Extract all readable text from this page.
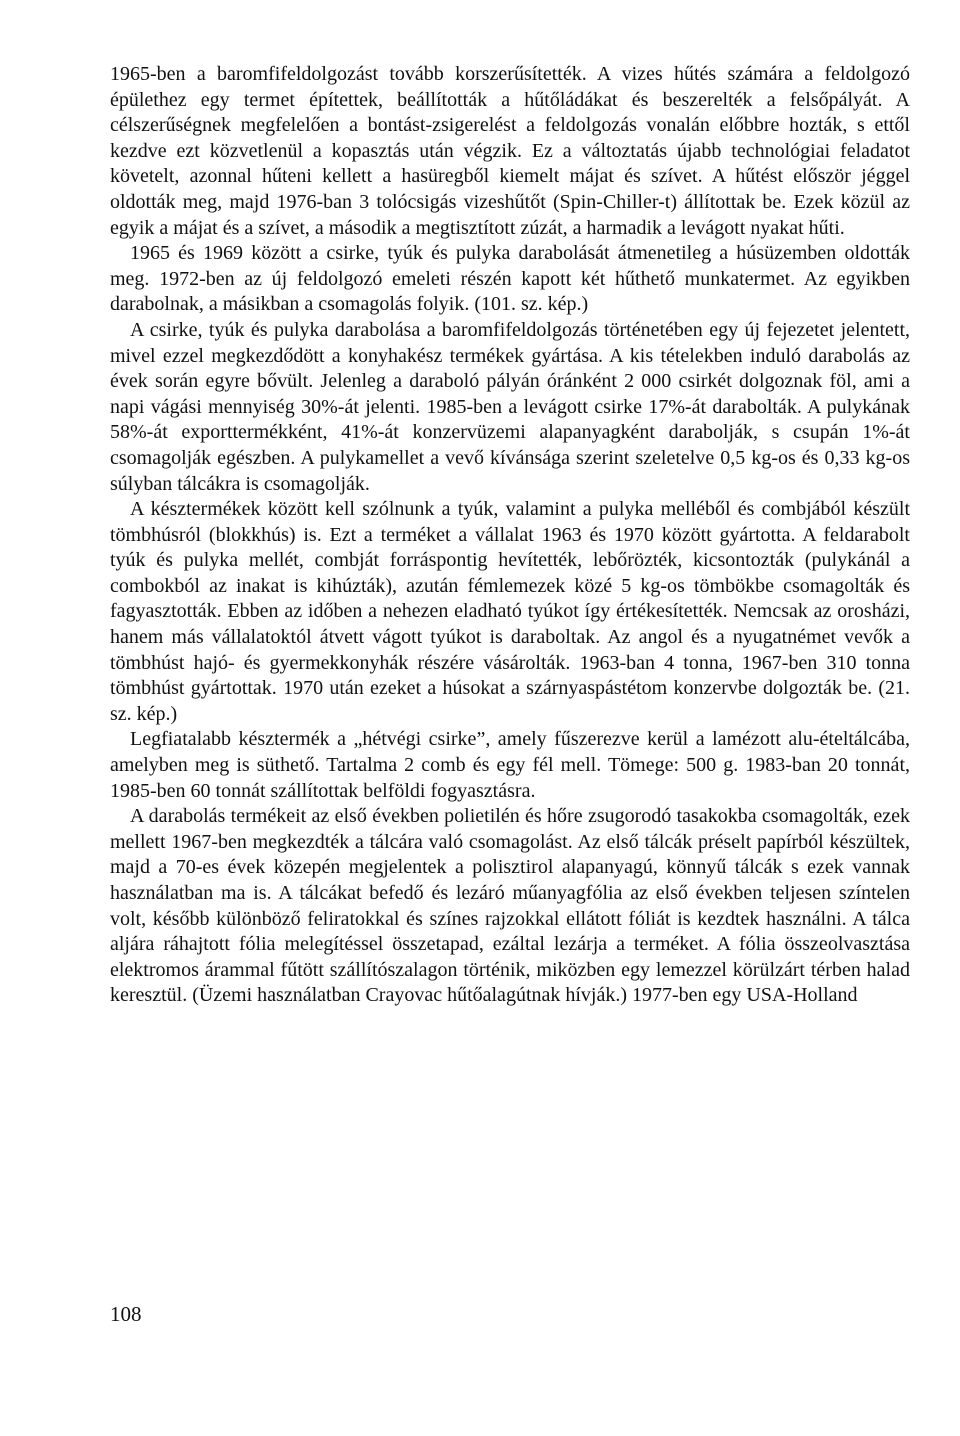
1965-ben a baromfifeldolgozást tovább korszerűsítették. A vizes hűtés számára a feldolgozó épülethez egy termet építettek, beállították a hűtőládákat és beszerelték a felsőpályát. A célszerűségnek megfelelően a bontást-zsigerelést a feldolgozás vonalán előbbre hozták, s ettől kezdve ezt közvetlenül a kopasztás után végzik. Ez a változtatás újabb technológiai feladatot követelt, azonnal hűteni kellett a hasüregből kiemelt májat és szívet. A hűtést először jéggel oldották meg, majd 1976-ban 3 tolócsigás vizeshűtőt (Spin-Chiller-t) állítottak be. Ezek közül az egyik a májat és a szívet, a második a megtisztított zúzát, a harmadik a levágott nyakat hűti.

1965 és 1969 között a csirke, tyúk és pulyka darabolását átmenetileg a húsüzemben oldották meg. 1972-ben az új feldolgozó emeleti részén kapott két hűthető munkatermet. Az egyikben darabolnak, a másikban a csomagolás folyik. (101. sz. kép.)

A csirke, tyúk és pulyka darabolása a baromfifeldolgozás történetében egy új fejezetet jelentett, mivel ezzel megkezdődött a konyhakész termékek gyártása. A kis tételekben induló darabolás az évek során egyre bővült. Jelenleg a daraboló pályán óránként 2 000 csirkét dolgoznak föl, ami a napi vágási mennyiség 30%-át jelenti. 1985-ben a levágott csirke 17%-át darabolták. A pulykának 58%-át exporttermékként, 41%-át konzervüzemi alapanyagként darabolják, s csupán 1%-át csomagolják egészben. A pulykamellet a vevő kívánsága szerint szeletelve 0,5 kg-os és 0,33 kg-os súlyban tálcákra is csomagolják.

A késztermékek között kell szólnunk a tyúk, valamint a pulyka melléből és combjából készült tömbhúsról (blokkhús) is. Ezt a terméket a vállalat 1963 és 1970 között gyártotta. A feldarabolt tyúk és pulyka mellét, combját forráspontig hevítették, lebőrözték, kicsontozták (pulykánál a combokból az inakat is kihúzták), azután fémlemezek közé 5 kg-os tömbökbe csomagolták és fagyasztották. Ebben az időben a nehezen eladható tyúkot így értékesítették. Nemcsak az orosházi, hanem más vállalatoktól átvett vágott tyúkot is daraboltak. Az angol és a nyugatnémet vevők a tömbhúst hajó- és gyermekkonyhák részére vásárolták. 1963-ban 4 tonna, 1967-ben 310 tonna tömbhúst gyártottak. 1970 után ezeket a húsokat a szárnyaspástétom konzervbe dolgozták be. (21. sz. kép.)

Legfiatalabb késztermék a „hétvégi csirke”, amely fűszerezve kerül a lamézott alu-ételtálcába, amelyben meg is süthető. Tartalma 2 comb és egy fél mell. Tömege: 500 g. 1983-ban 20 tonnát, 1985-ben 60 tonnát szállítottak belföldi fogyasztásra.

A darabolás termékeit az első években polietilén és hőre zsugorodó tasakokba csomagolták, ezek mellett 1967-ben megkezdték a tálcára való csomagolást. Az első tálcák préselt papírból készültek, majd a 70-es évek közepén megjelentek a polisztirol alapanyagú, könnyű tálcák s ezek vannak használatban ma is. A tálcákat befedő és lezáró műanyagfólia az első években teljesen színtelen volt, később különböző feliratokkal és színes rajzokkal ellátott fóliát is kezdtek használni. A tálca aljára ráhajtott fólia melegítéssel összetapad, ezáltal lezárja a terméket. A fólia összeolvasztása elektromos árammal fűtött szállítószalagon történik, miközben egy lemezzel körülzárt térben halad keresztül. (Üzemi használatban Crayovac hűtőalagútnak hívják.) 1977-ben egy USA-Holland

108
